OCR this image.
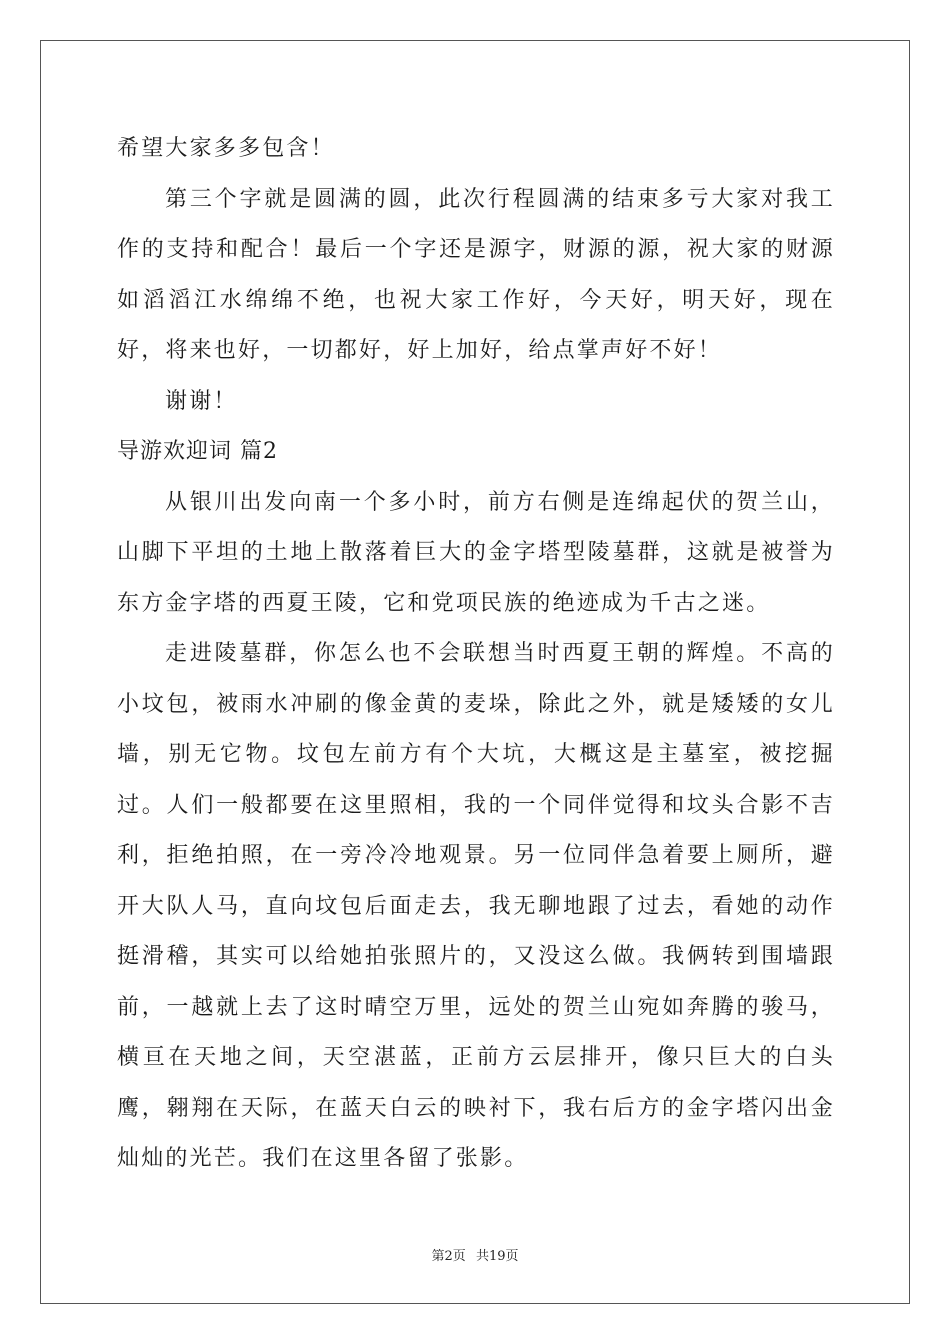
希望大家多多包含！

第三个字就是圆满的圆，此次行程圆满的结束多亏大家对我工作的支持和配合！最后一个字还是源字，财源的源，祝大家的财源如滔滔江水绵绵不绝，也祝大家工作好，今天好，明天好，现在好，将来也好，一切都好，好上加好，给点掌声好不好！

谢谢！

导游欢迎词 篇2

从银川出发向南一个多小时，前方右侧是连绵起伏的贺兰山，山脚下平坦的土地上散落着巨大的金字塔型陵墓群，这就是被誉为东方金字塔的西夏王陵，它和党项民族的绝迹成为千古之迷。

走进陵墓群，你怎么也不会联想当时西夏王朝的辉煌。不高的小坟包，被雨水冲刷的像金黄的麦垛，除此之外，就是矮矮的女儿墙，别无它物。坟包左前方有个大坑，大概这是主墓室，被挖掘过。人们一般都要在这里照相，我的一个同伴觉得和坟头合影不吉利，拒绝拍照，在一旁冷冷地观景。另一位同伴急着要上厕所，避开大队人马，直向坟包后面走去，我无聊地跟了过去，看她的动作挺滑稽，其实可以给她拍张照片的，又没这么做。我俩转到围墙跟前，一越就上去了这时晴空万里，远处的贺兰山宛如奔腾的骏马，横亘在天地之间，天空湛蓝，正前方云层排开，像只巨大的白头鹰，翱翔在天际，在蓝天白云的映衬下，我右后方的金字塔闪出金灿灿的光芒。我们在这里各留了张影。

第2页 共19页
